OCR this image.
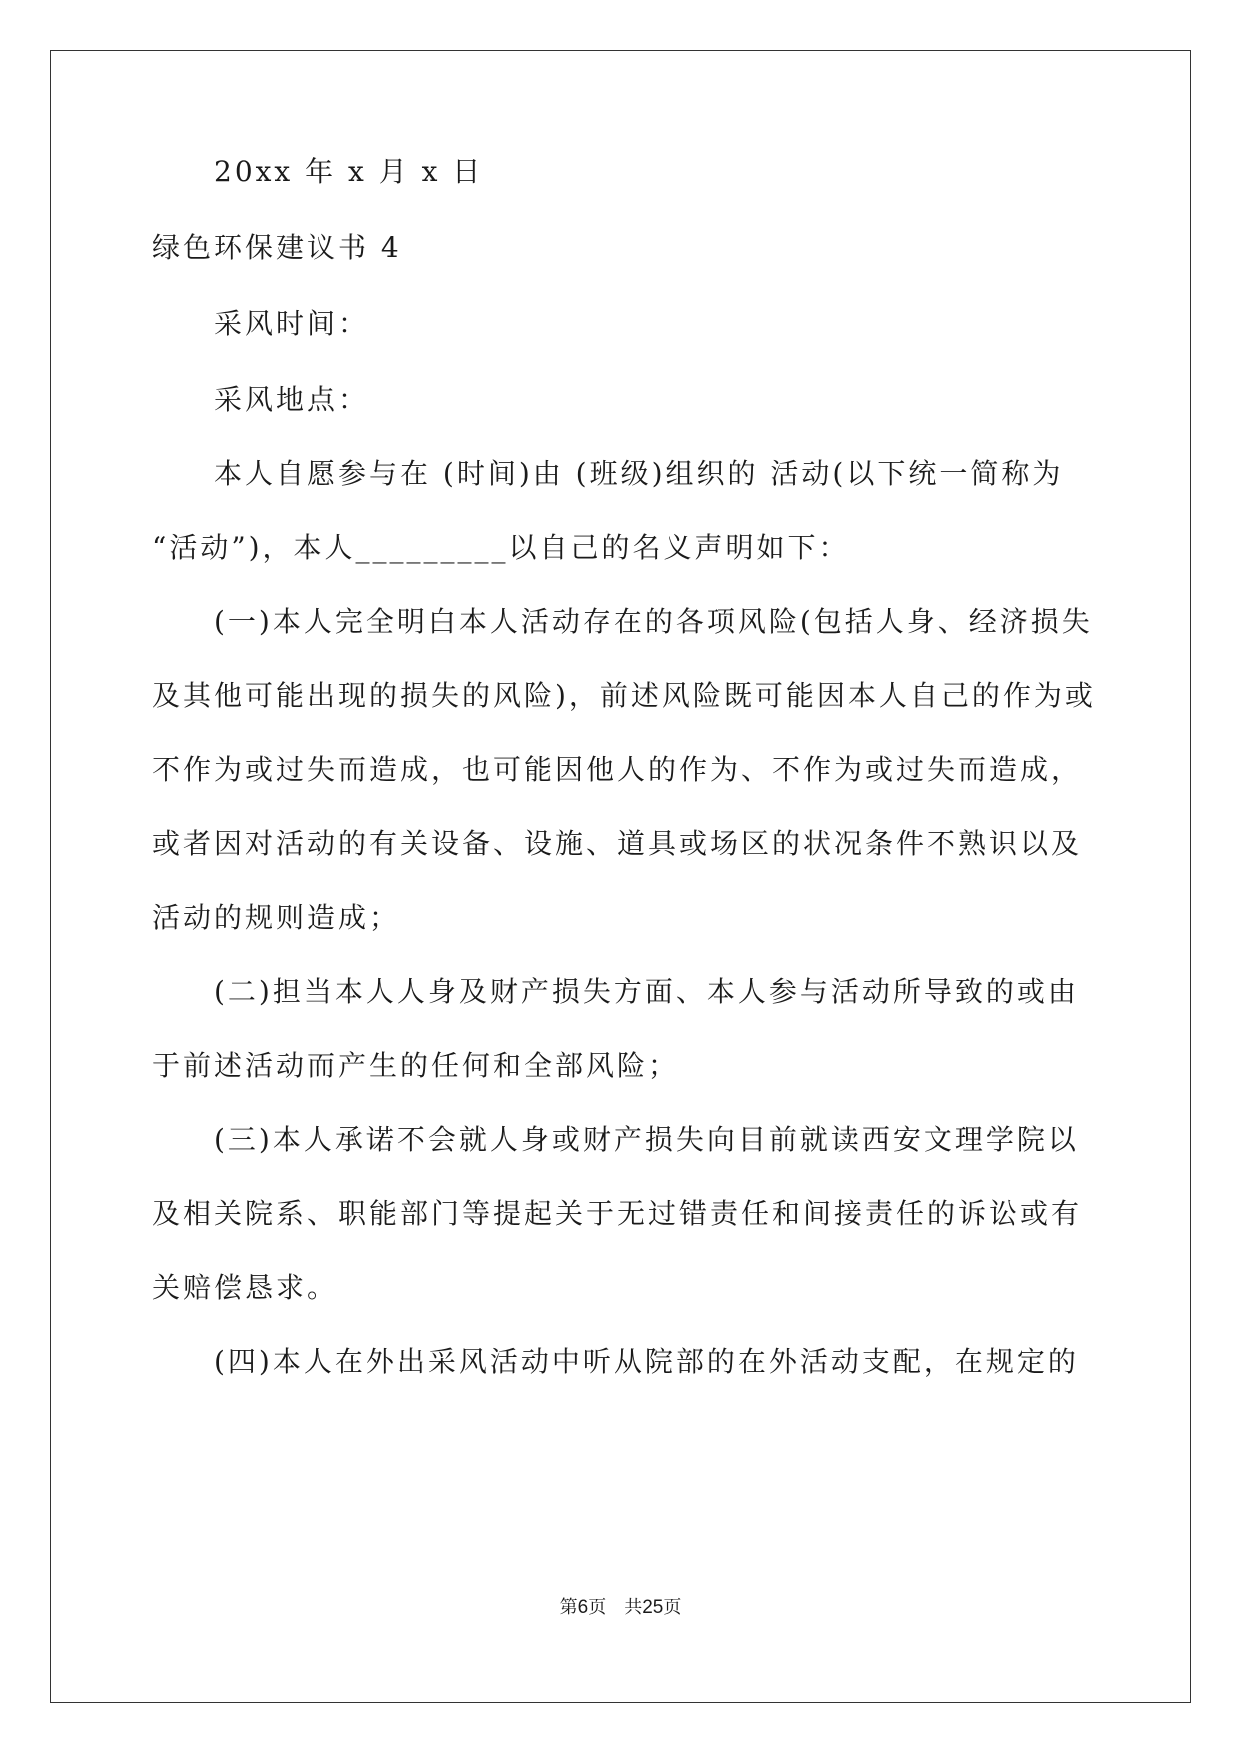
20xx 年 x 月 x 日
绿色环保建议书 4
采风时间：
采风地点：
本人自愿参与在 (时间)由 (班级)组织的 活动(以下统一简称为
“活动”)，本人_________以自己的名义声明如下：
(一)本人完全明白本人活动存在的各项风险(包括人身、经济损失
及其他可能出现的损失的风险)，前述风险既可能因本人自己的作为或
不作为或过失而造成，也可能因他人的作为、不作为或过失而造成，
或者因对活动的有关设备、设施、道具或场区的状况条件不熟识以及
活动的规则造成；
(二)担当本人人身及财产损失方面、本人参与活动所导致的或由
于前述活动而产生的任何和全部风险；
(三)本人承诺不会就人身或财产损失向目前就读西安文理学院以
及相关院系、职能部门等提起关于无过错责任和间接责任的诉讼或有
关赔偿恳求。
(四)本人在外出采风活动中听从院部的在外活动支配，在规定的
第6页 共25页
